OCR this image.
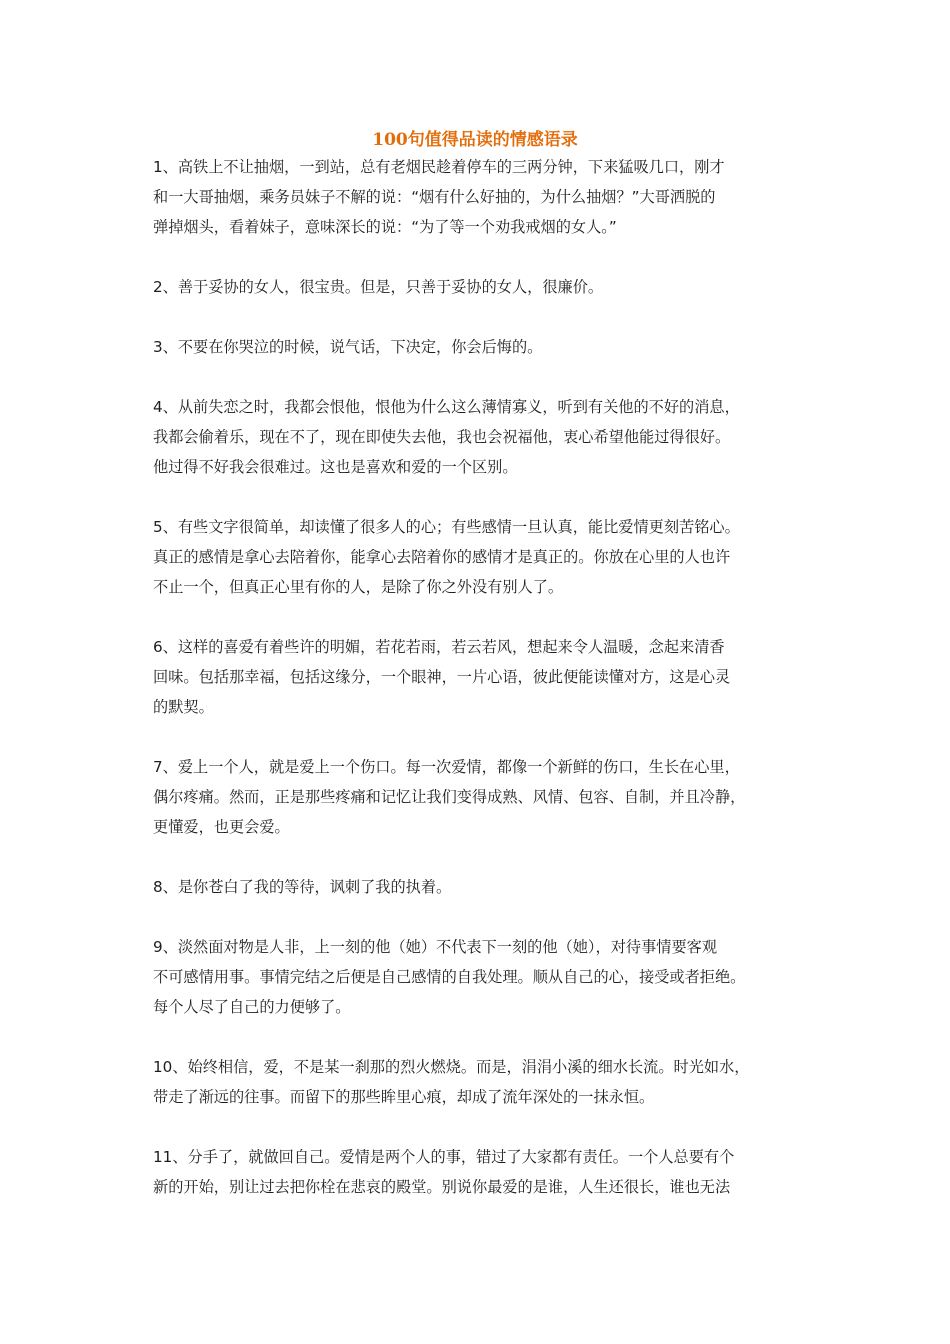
100句值得品读的情感语录
1、高铁上不让抽烟，一到站，总有老烟民趁着停车的三两分钟，下来猛吸几口，刚才
和一大哥抽烟，乘务员妹子不解的说：“烟有什么好抽的，为什么抽烟？”大哥洒脱的
弹掉烟头，看着妹子，意味深长的说：“为了等一个劝我戒烟的女人。”
2、善于妥协的女人，很宝贵。但是，只善于妥协的女人，很廉价。
3、不要在你哭泣的时候，说气话，下决定，你会后悔的。
4、从前失恋之时，我都会恨他，恨他为什么这么薄情寡义，听到有关他的不好的消息，
我都会偷着乐，现在不了，现在即使失去他，我也会祝福他，衷心希望他能过得很好。
他过得不好我会很难过。这也是喜欢和爱的一个区别。
5、有些文字很简单，却读懂了很多人的心；有些感情一旦认真，能比爱情更刻苦铭心。
真正的感情是拿心去陪着你，能拿心去陪着你的感情才是真正的。你放在心里的人也许
不止一个，但真正心里有你的人，是除了你之外没有别人了。
6、这样的喜爱有着些许的明媚，若花若雨，若云若风，想起来令人温暖，念起来清香
回味。包括那幸福，包括这缘分，一个眼神，一片心语，彼此便能读懂对方，这是心灵
的默契。
7、爱上一个人，就是爱上一个伤口。每一次爱情，都像一个新鲜的伤口，生长在心里，
偶尔疼痛。然而，正是那些疼痛和记忆让我们变得成熟、风情、包容、自制，并且冷静，
更懂爱，也更会爱。
8、是你苍白了我的等待，讽刺了我的执着。
9、淡然面对物是人非，上一刻的他（她）不代表下一刻的他（她），对待事情要客观
不可感情用事。事情完结之后便是自己感情的自我处理。顺从自己的心，接受或者拒绝。
每个人尽了自己的力便够了。
10、始终相信，爱，不是某一刹那的烈火燃烧。而是，涓涓小溪的细水长流。时光如水，
带走了渐远的往事。而留下的那些眸里心痕，却成了流年深处的一抹永恒。
11、分手了，就做回自己。爱情是两个人的事，错过了大家都有责任。一个人总要有个
新的开始，别让过去把你栓在悲哀的殿堂。别说你最爱的是谁，人生还很长，谁也无法
